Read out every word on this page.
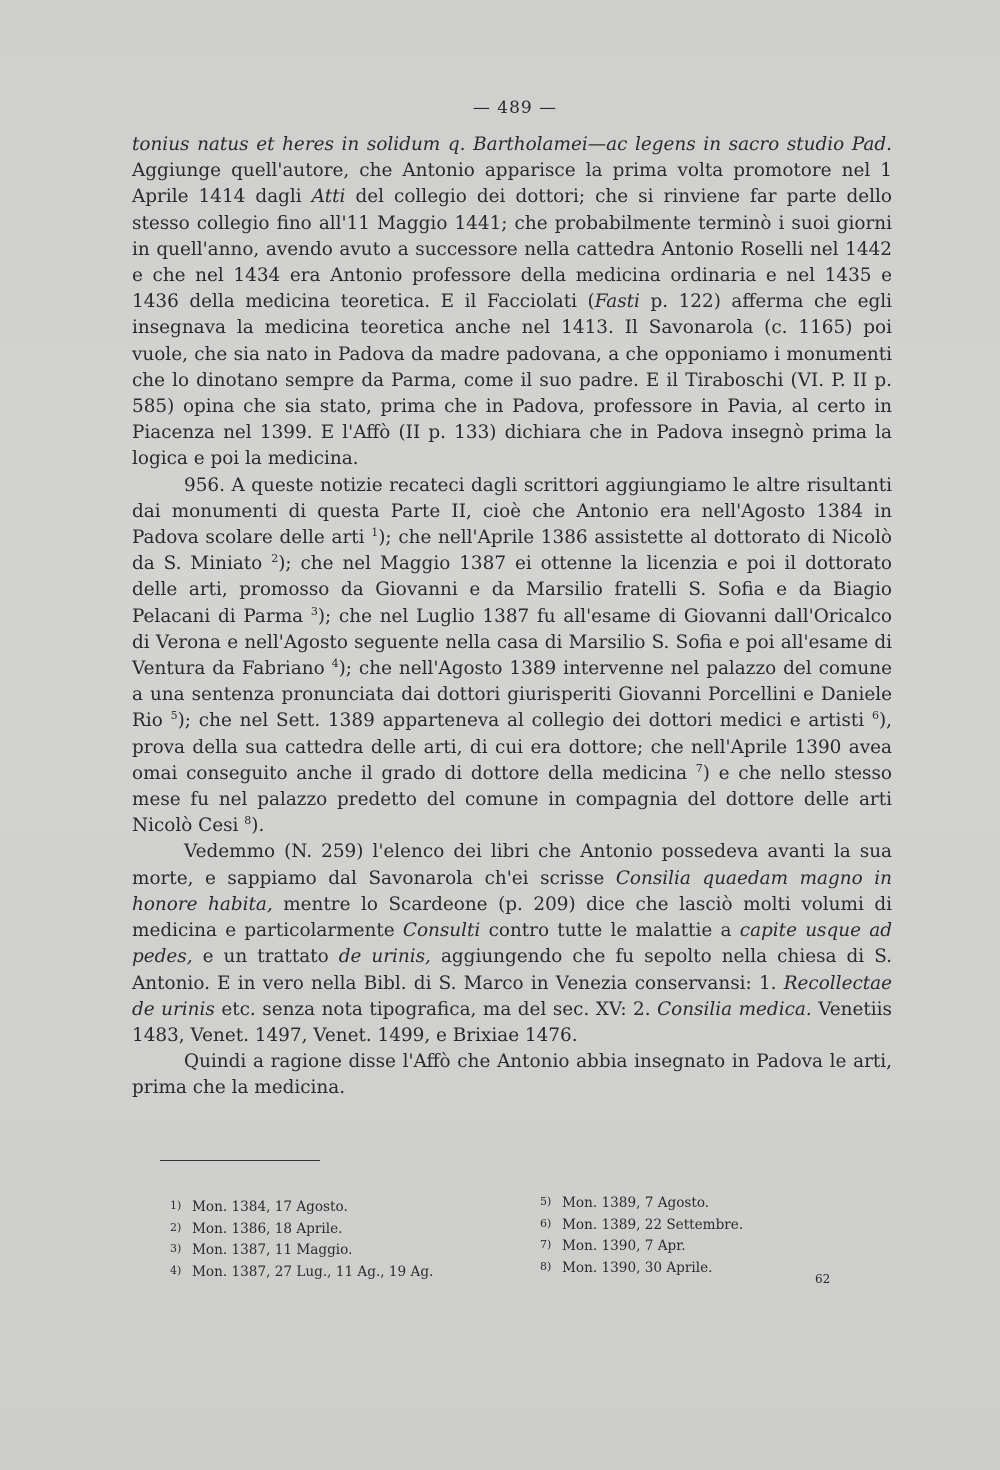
— 489 —

tonius natus et heres in solidum q. Bartholamei—ac legens in sacro studio Pad. Aggiunge quell'autore, che Antonio apparisce la prima volta promotore nel 1 Aprile 1414 dagli Atti del collegio dei dottori; che si rinviene far parte dello stesso collegio fino all'11 Maggio 1441; che probabilmente terminò i suoi giorni in quell'anno, avendo avuto a successore nella cattedra Antonio Roselli nel 1442 e che nel 1434 era Antonio professore della medicina ordinaria e nel 1435 e 1436 della medicina teoretica. E il Facciolati (Fasti p. 122) afferma che egli insegnava la medicina teoretica anche nel 1413. Il Savonarola (c. 1165) poi vuole, che sia nato in Padova da madre padovana, a che opponiamo i monumenti che lo dinotano sempre da Parma, come il suo padre. E il Tiraboschi (VI. P. II p. 585) opina che sia stato, prima che in Padova, professore in Pavia, al certo in Piacenza nel 1399. E l'Affò (II p. 133) dichiara che in Padova insegnò prima la logica e poi la medicina.

956. A queste notizie recateci dagli scrittori aggiungiamo le altre risultanti dai monumenti di questa Parte II, cioè che Antonio era nell'Agosto 1384 in Padova scolare delle arti $^1$); che nell'Aprile 1386 assistette al dottorato di Nicolò da S. Miniato $^2$); che nel Maggio 1387 ei ottenne la licenzia e poi il dottorato delle arti, promosso da Giovanni e da Marsilio fratelli S. Sofia e da Biagio Pelacani di Parma $^3$); che nel Luglio 1387 fu all'esame di Giovanni dall'Oricalco di Verona e nell'Agosto seguente nella casa di Marsilio S. Sofia e poi all'esame di Ventura da Fabriano $^4$); che nell'Agosto 1389 intervenne nel palazzo del comune a una sentenza pronunciata dai dottori giurisperiti Giovanni Porcellini e Daniele Rio $^5$); che nel Sett. 1389 apparteneva al collegio dei dottori medici e artisti $^6$), prova della sua cattedra delle arti, di cui era dottore; che nell'Aprile 1390 avea omai conseguito anche il grado di dottore della medicina $^7$) e che nello stesso mese fu nel palazzo predetto del comune in compagnia del dottore delle arti Nicolò Cesi $^8$).

Vedemmo (N. 259) l'elenco dei libri che Antonio possedeva avanti la sua morte, e sappiamo dal Savonarola ch'ei scrisse Consilia quaedam magno in honore habita, mentre lo Scardeone (p. 209) dice che lasciò molti volumi di medicina e particolarmente Consulti contro tutte le malattie a capite usque ad pedes, e un trattato de urinis, aggiungendo che fu sepolto nella chiesa di S. Antonio. E in vero nella Bibl. di S. Marco in Venezia conservansi: 1. Recollectae de urinis etc. senza nota tipografica, ma del sec. XV: 2. Consilia medica. Venetiis 1483, Venet. 1497, Venet. 1499, e Brixiae 1476.

Quindi a ragione disse l'Affò che Antonio abbia insegnato in Padova le arti, prima che la medicina.

1) Mon. 1384, 17 Agosto.
2) Mon. 1386, 18 Aprile.
3) Mon. 1387, 11 Maggio.
4) Mon. 1387, 27 Lug., 11 Ag., 19 Ag.
5) Mon. 1389, 7 Agosto.
6) Mon. 1389, 22 Settembre.
7) Mon. 1390, 7 Apr.
8) Mon. 1390, 30 Aprile.
62
